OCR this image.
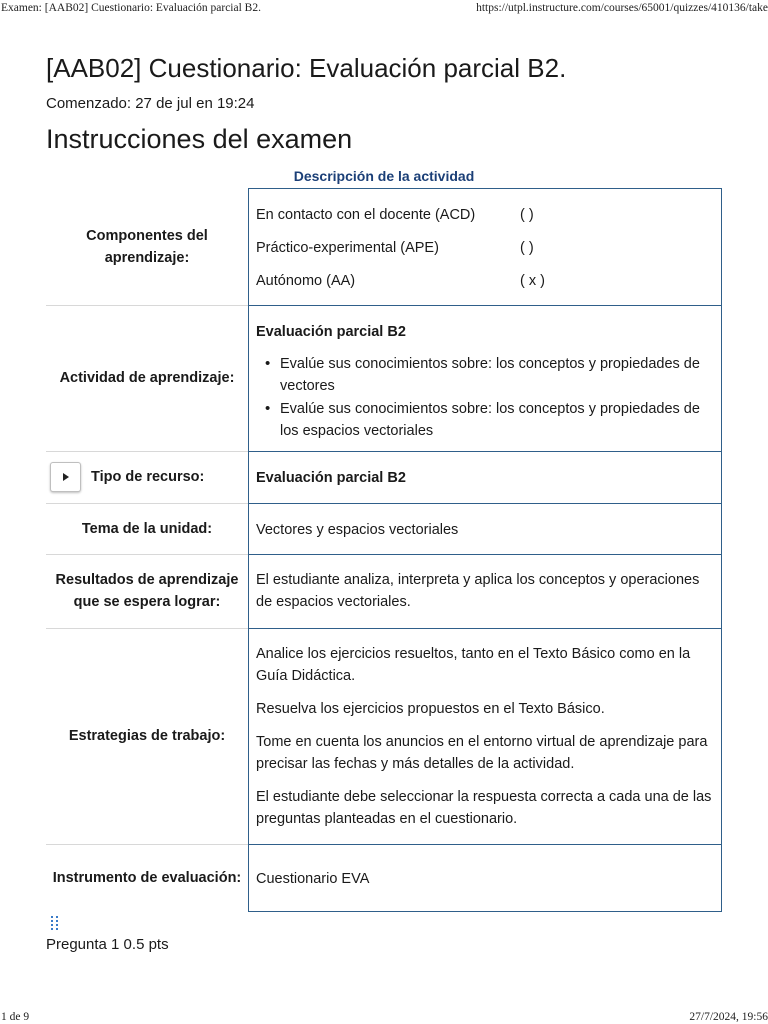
Examen: [AAB02] Cuestionario: Evaluación parcial B2.	https://utpl.instructure.com/courses/65001/quizzes/410136/take
[AAB02] Cuestionario: Evaluación parcial B2.
Comenzado: 27 de jul en 19:24
Instrucciones del examen
Descripción de la actividad
Componentes del aprendizaje:
En contacto con el docente (ACD)	( )
Práctico-experimental (APE)	( )
Autónomo (AA)	( x )
Actividad de aprendizaje:

Evaluación parcial B2

• Evalúe sus conocimientos sobre: los conceptos y propiedades de vectores
• Evalúe sus conocimientos sobre: los conceptos y propiedades de los espacios vectoriales
Tipo de recurso:	Evaluación parcial B2

Tema de la unidad:	Vectores y espacios vectoriales

Resultados de aprendizaje que se espera lograr:

El estudiante analiza, interpreta y aplica los conceptos y operaciones de espacios vectoriales.

Estrategias de trabajo:

Analice los ejercicios resueltos, tanto en el Texto Básico como en la Guía Didáctica.

Resuelva los ejercicios propuestos en el Texto Básico.

Tome en cuenta los anuncios en el entorno virtual de aprendizaje para precisar las fechas y más detalles de la actividad.

El estudiante debe seleccionar la respuesta correcta a cada una de las preguntas planteadas en el cuestionario.

Instrumento de evaluación:	Cuestionario EVA

Pregunta 1 0.5 pts
1 de 9	27/7/2024, 19:56
